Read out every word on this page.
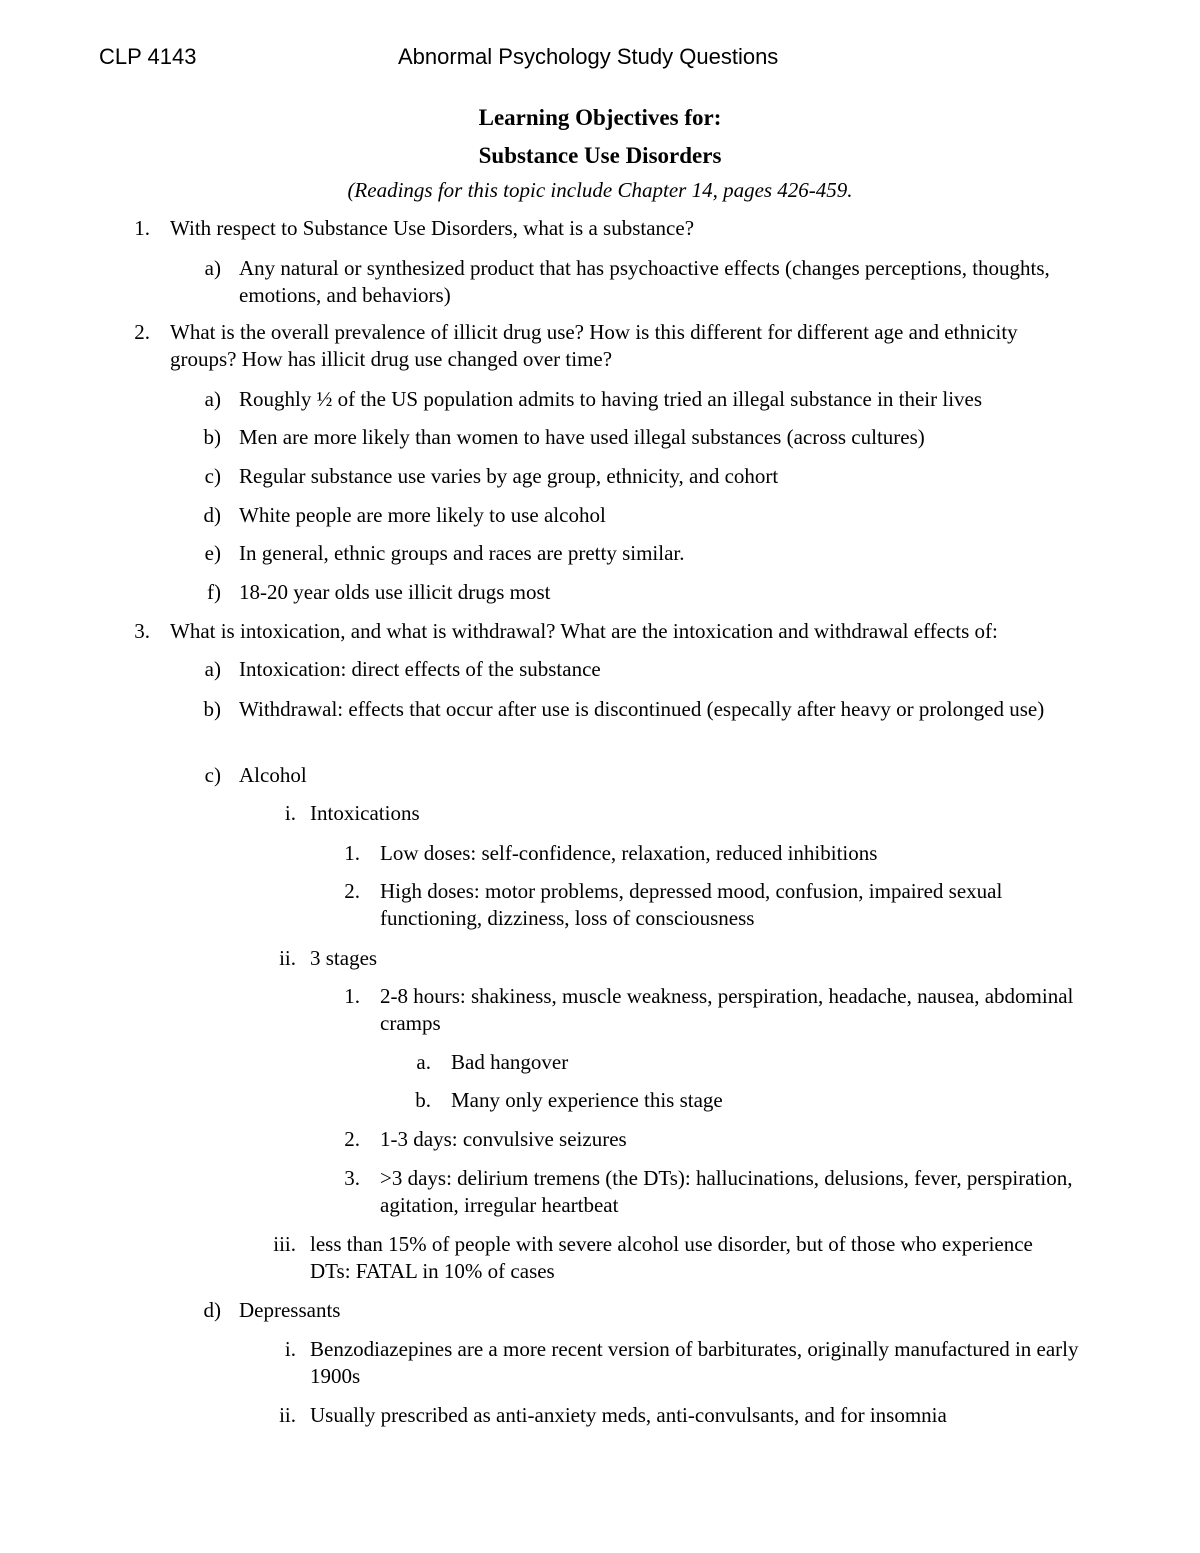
CLP 4143	Abnormal Psychology Study Questions
Learning Objectives for:
Substance Use Disorders
(Readings for this topic include Chapter 14, pages 426-459.
1. With respect to Substance Use Disorders, what is a substance?
a) Any natural or synthesized product that has psychoactive effects (changes perceptions, thoughts, emotions, and behaviors)
2. What is the overall prevalence of illicit drug use? How is this different for different age and ethnicity groups? How has illicit drug use changed over time?
a) Roughly ½ of the US population admits to having tried an illegal substance in their lives
b) Men are more likely than women to have used illegal substances (across cultures)
c) Regular substance use varies by age group, ethnicity, and cohort
d) White people are more likely to use alcohol
e) In general, ethnic groups and races are pretty similar.
f) 18-20 year olds use illicit drugs most
3. What is intoxication, and what is withdrawal? What are the intoxication and withdrawal effects of:
a) Intoxication: direct effects of the substance
b) Withdrawal: effects that occur after use is discontinued (especally after heavy or prolonged use)
c) Alcohol
i. Intoxications
1. Low doses: self-confidence, relaxation, reduced inhibitions
2. High doses: motor problems, depressed mood, confusion, impaired sexual functioning, dizziness, loss of consciousness
ii. 3 stages
1. 2-8 hours: shakiness, muscle weakness, perspiration, headache, nausea, abdominal cramps
a. Bad hangover
b. Many only experience this stage
2. 1-3 days: convulsive seizures
3. >3 days: delirium tremens (the DTs): hallucinations, delusions, fever, perspiration, agitation, irregular heartbeat
iii. less than 15% of people with severe alcohol use disorder, but of those who experience DTs: FATAL in 10% of cases
d) Depressants
i. Benzodiazepines are a more recent version of barbiturates, originally manufactured in early 1900s
ii. Usually prescribed as anti-anxiety meds, anti-convulsants, and for insomnia
